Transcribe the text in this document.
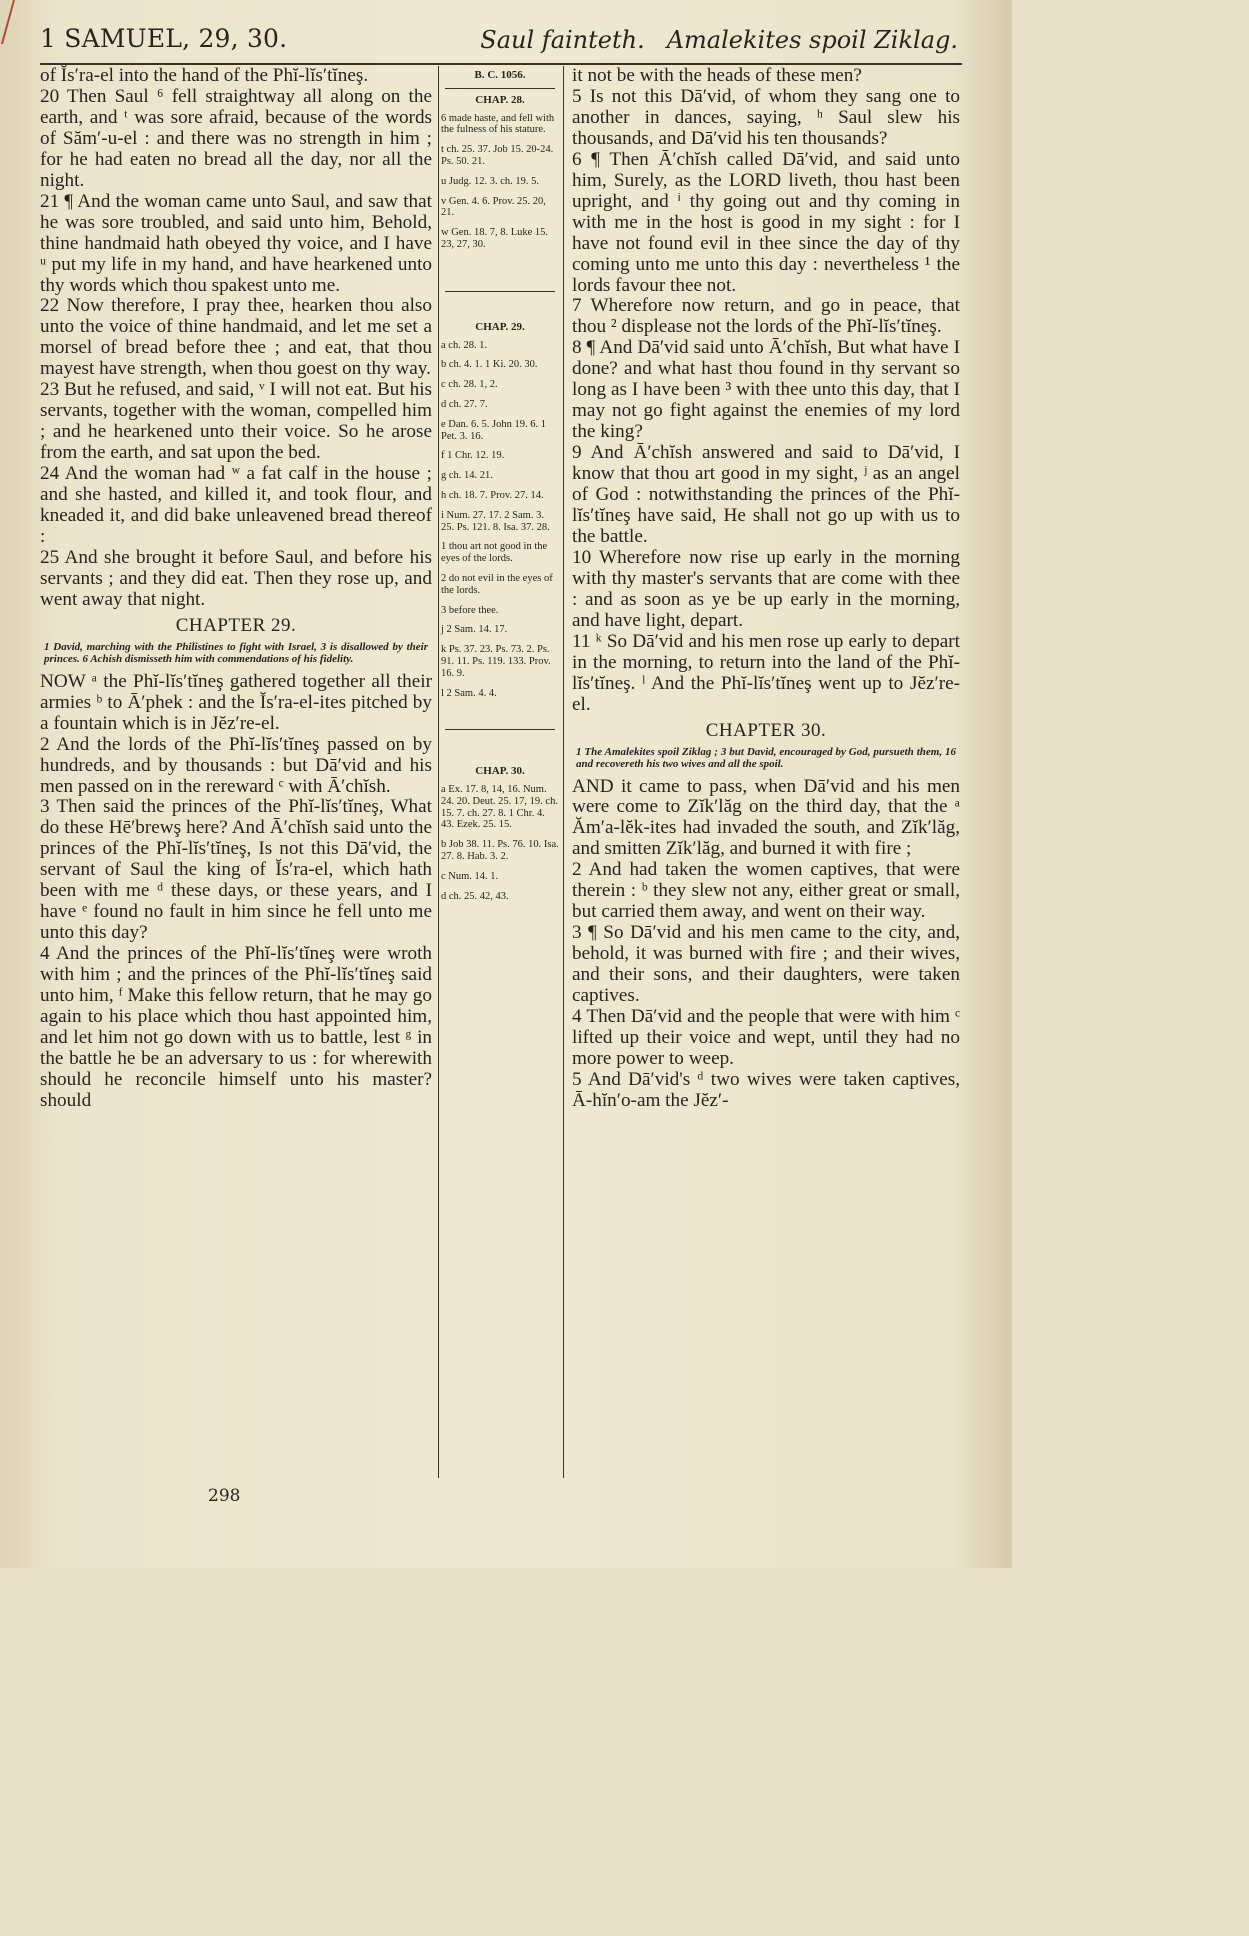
1 SAMUEL, 29, 30.	Saul fainteth. Amalekites spoil Ziklag.

of Ĭs′ra-el into the hand of the Phĭ-lĭs′tĭneş.

20 Then Saul ⁶ fell straightway all along on the earth, and ᵗ was sore afraid, because of the words of Săm′-u-el : and there was no strength in him ; for he had eaten no bread all the day, nor all the night.

21 ¶ And the woman came unto Saul, and saw that he was sore troubled, and said unto him, Behold, thine handmaid hath obeyed thy voice, and I have ᵘ put my life in my hand, and have hearkened unto thy words which thou spakest unto me.

22 Now therefore, I pray thee, hearken thou also unto the voice of thine handmaid, and let me set a morsel of bread before thee ; and eat, that thou mayest have strength, when thou goest on thy way.

23 But he refused, and said, ᵛ I will not eat. But his servants, together with the woman, compelled him ; and he hearkened unto their voice. So he arose from the earth, and sat upon the bed.

24 And the woman had ʷ a fat calf in the house ; and she hasted, and killed it, and took flour, and kneaded it, and did bake unleavened bread thereof :

25 And she brought it before Saul, and before his servants ; and they did eat. Then they rose up, and went away that night.

CHAPTER 29.
1 David, marching with the Philistines to fight with Israel, 3 is disallowed by their princes. 6 Achish dismisseth him with commendations of his fidelity.

NOW ᵃ the Phĭ-lĭs′tĭneş gathered together all their armies ᵇ to Ā′phek : and the Ĭs′ra-el-ites pitched by a fountain which is in Jĕz′re-el.

2 And the lords of the Phĭ-lĭs′tĭneş passed on by hundreds, and by thousands : but Dā′vid and his men passed on in the rereward ᶜ with Ā′chĭsh.

3 Then said the princes of the Phĭ-lĭs′tĭneş, What do these Hē′brewş here? And Ā′chĭsh said unto the princes of the Phĭ-lĭs′tĭneş, Is not this Dā′vid, the servant of Saul the king of Ĭs′ra-el, which hath been with me ᵈ these days, or these years, and I have ᵉ found no fault in him since he fell unto me unto this day?

4 And the princes of the Phĭ-lĭs′tĭneş were wroth with him ; and the princes of the Phĭ-lĭs′tĭneş said unto him, ᶠ Make this fellow return, that he may go again to his place which thou hast appointed him, and let him not go down with us to battle, lest ᵍ in the battle he be an adversary to us : for wherewith should he reconcile himself unto his master? should

B. C. 1056.
CHAP. 28.
6 made haste, and fell with the fulness of his stature.
t ch. 25. 37. Job 15. 20-24. Ps. 50. 21.
u Judg. 12. 3. ch. 19. 5.
v Gen. 4. 6. Prov. 25. 20, 21.
w Gen. 18. 7, 8. Luke 15. 23, 27, 30.
CHAP. 29.
a ch. 28. 1.
b ch. 4. 1. 1 Ki. 20. 30.
c ch. 28. 1, 2.
d ch. 27. 7.
e Dan. 6. 5. John 19. 6. 1 Pet. 3. 16.
f 1 Chr. 12. 19.
g ch. 14. 21.
h ch. 18. 7. Prov. 27. 14.
i Num. 27. 17. 2 Sam. 3. 25. Ps. 121. 8. Isa. 37. 28.
1 thou art not good in the eyes of the lords.
2 do not evil in the eyes of the lords.
3 before thee.
j 2 Sam. 14. 17.
k Ps. 37. 23. Ps. 73. 2. Ps. 91. 11. Ps. 119. 133. Prov. 16. 9.
l 2 Sam. 4. 4.
CHAP. 30.
a Ex. 17. 8, 14, 16. Num. 24. 20. Deut. 25. 17, 19. ch. 15. 7. ch. 27. 8. 1 Chr. 4. 43. Ezek. 25. 15.
b Job 38. 11. Ps. 76. 10. Isa. 27. 8. Hab. 3. 2.
c Num. 14. 1.
d ch. 25. 42, 43.

it not be with the heads of these men?

5 Is not this Dā′vid, of whom they sang one to another in dances, saying, ʰ Saul slew his thousands, and Dā′vid his ten thousands?

6 ¶ Then Ā′chĭsh called Dā′vid, and said unto him, Surely, as the LORD liveth, thou hast been upright, and ⁱ thy going out and thy coming in with me in the host is good in my sight : for I have not found evil in thee since the day of thy coming unto me unto this day : nevertheless ¹ the lords favour thee not.

7 Wherefore now return, and go in peace, that thou ² displease not the lords of the Phĭ-lĭs′tĭneş.

8 ¶ And Dā′vid said unto Ā′chĭsh, But what have I done? and what hast thou found in thy servant so long as I have been ³ with thee unto this day, that I may not go fight against the enemies of my lord the king?

9 And Ā′chĭsh answered and said to Dā′vid, I know that thou art good in my sight, ʲ as an angel of God : notwithstanding the princes of the Phĭ-lĭs′tĭneş have said, He shall not go up with us to the battle.

10 Wherefore now rise up early in the morning with thy master's servants that are come with thee : and as soon as ye be up early in the morning, and have light, depart.

11 ᵏ So Dā′vid and his men rose up early to depart in the morning, to return into the land of the Phĭ-lĭs′tĭneş. ˡ And the Phĭ-lĭs′tĭneş went up to Jĕz′re-el.

CHAPTER 30.
1 The Amalekites spoil Ziklag ; 3 but David, encouraged by God, pursueth them, 16 and recovereth his two wives and all the spoil.

AND it came to pass, when Dā′vid and his men were come to Zĭk′lăg on the third day, that the ᵃ Ăm′a-lĕk-ites had invaded the south, and Zĭk′lăg, and smitten Zĭk′lăg, and burned it with fire ;

2 And had taken the women captives, that were therein : ᵇ they slew not any, either great or small, but carried them away, and went on their way.

3 ¶ So Dā′vid and his men came to the city, and, behold, it was burned with fire ; and their wives, and their sons, and their daughters, were taken captives.

4 Then Dā′vid and the people that were with him ᶜ lifted up their voice and wept, until they had no more power to weep.

5 And Dā′vid's ᵈ two wives were taken captives, Ā-hĭn′o-am the Jĕz′-

298
